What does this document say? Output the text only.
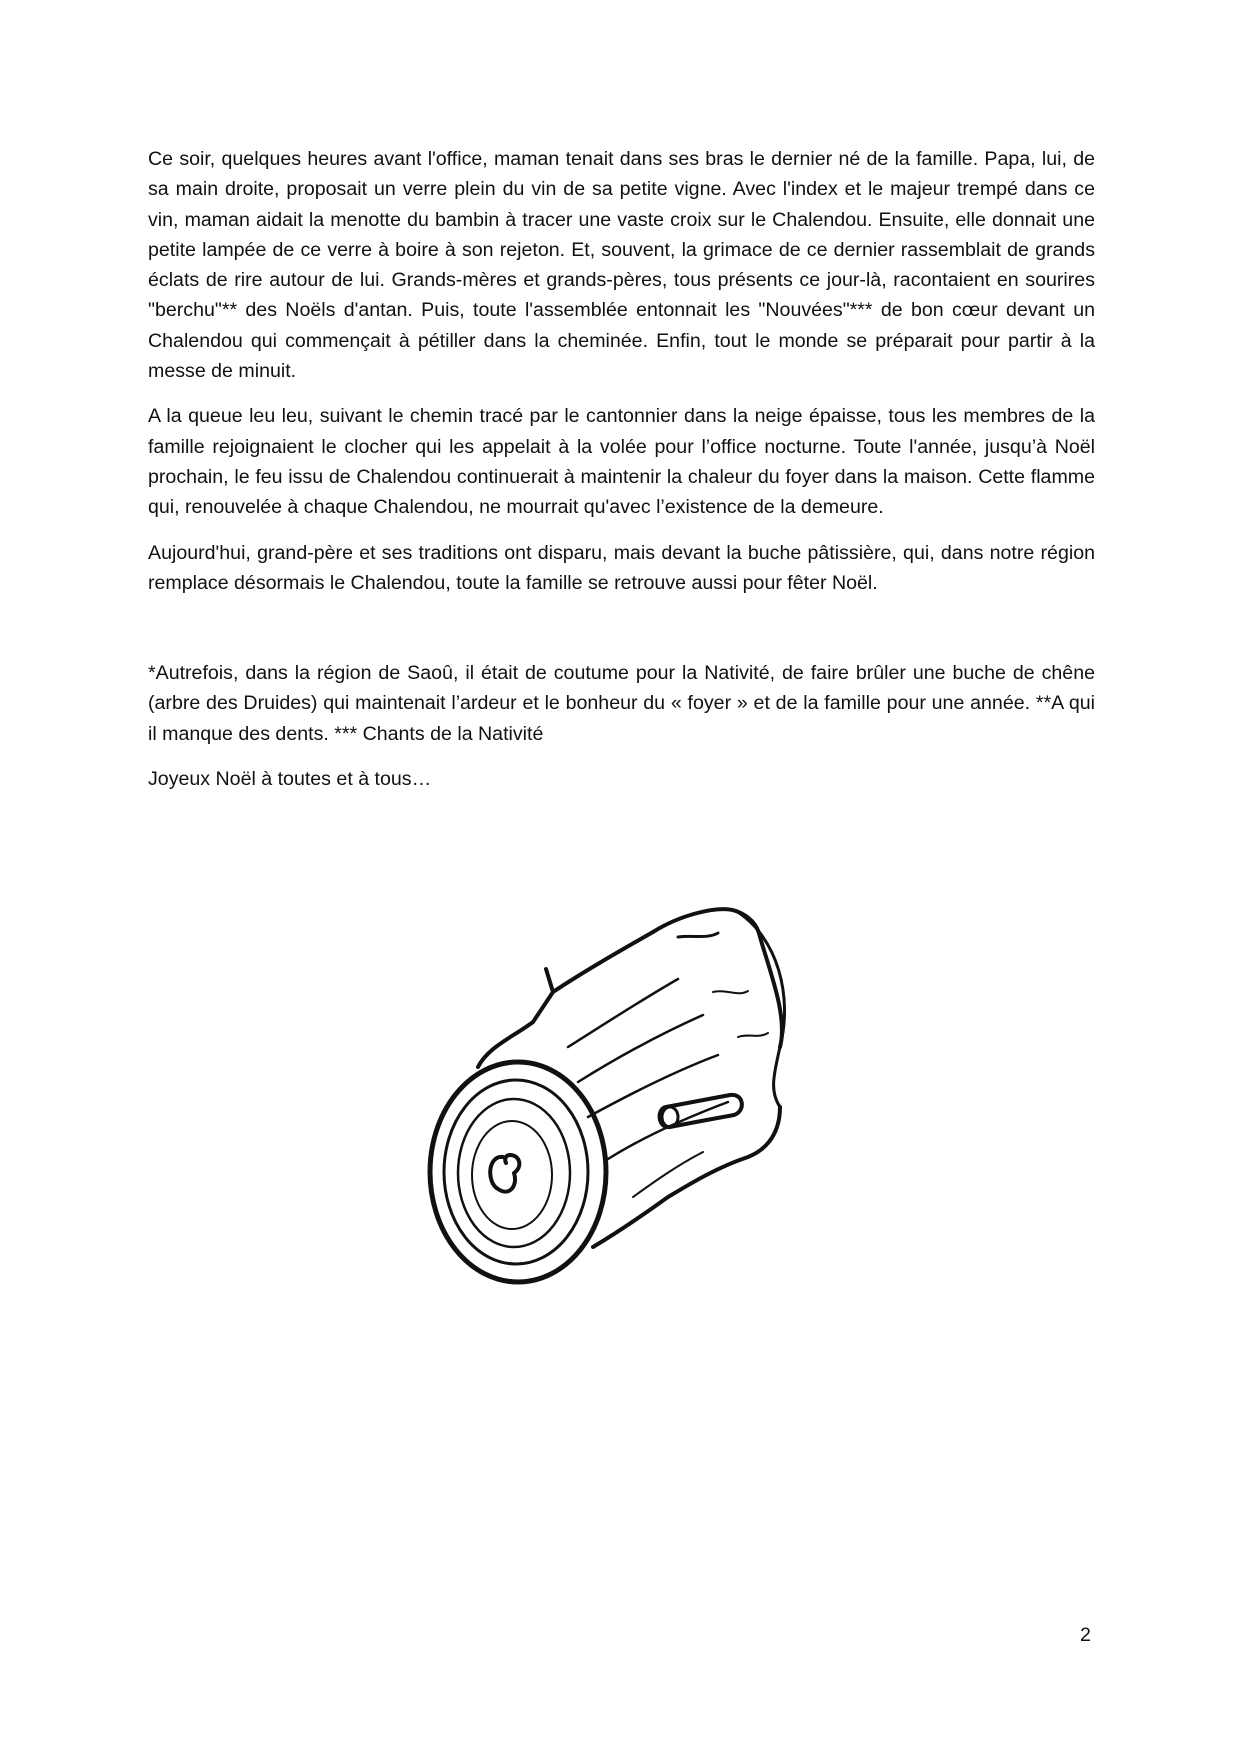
Ce soir, quelques heures avant l'office, maman tenait dans ses bras le dernier né de la famille. Papa, lui, de sa main droite, proposait un verre plein du vin de sa petite vigne. Avec l'index et le majeur trempé dans ce vin, maman aidait la menotte du bambin à tracer une vaste croix sur le Chalendou. Ensuite, elle donnait une petite lampée de ce verre à boire à son rejeton. Et, souvent, la grimace de ce dernier rassemblait de grands éclats de rire autour de lui. Grands-mères et grands-pères, tous présents ce jour-là, racontaient en sourires "berchu"** des Noëls d'antan. Puis, toute l'assemblée entonnait les "Nouvées"*** de bon cœur devant un Chalendou qui commençait à pétiller dans la cheminée. Enfin, tout le monde se préparait pour partir à la messe de minuit.

A la queue leu leu, suivant le chemin tracé par le cantonnier dans la neige épaisse, tous les membres de la famille rejoignaient le clocher qui les appelait à la volée pour l’office nocturne. Toute l'année, jusqu’à Noël prochain, le feu issu de Chalendou continuerait à maintenir la chaleur du foyer dans la maison. Cette flamme qui, renouvelée à chaque Chalendou, ne mourrait qu'avec l’existence de la demeure.

Aujourd'hui, grand-père et ses traditions ont disparu, mais devant la buche pâtissière, qui, dans notre région remplace désormais le Chalendou, toute la famille se retrouve aussi pour fêter Noël.

*Autrefois, dans la région de Saoû, il était de coutume pour la Nativité, de faire brûler une buche de chêne (arbre des Druides) qui maintenait l’ardeur et le bonheur du « foyer » et de la famille pour une année. **A qui il manque des dents. *** Chants de la Nativité

Joyeux Noël à toutes et à tous…

2
